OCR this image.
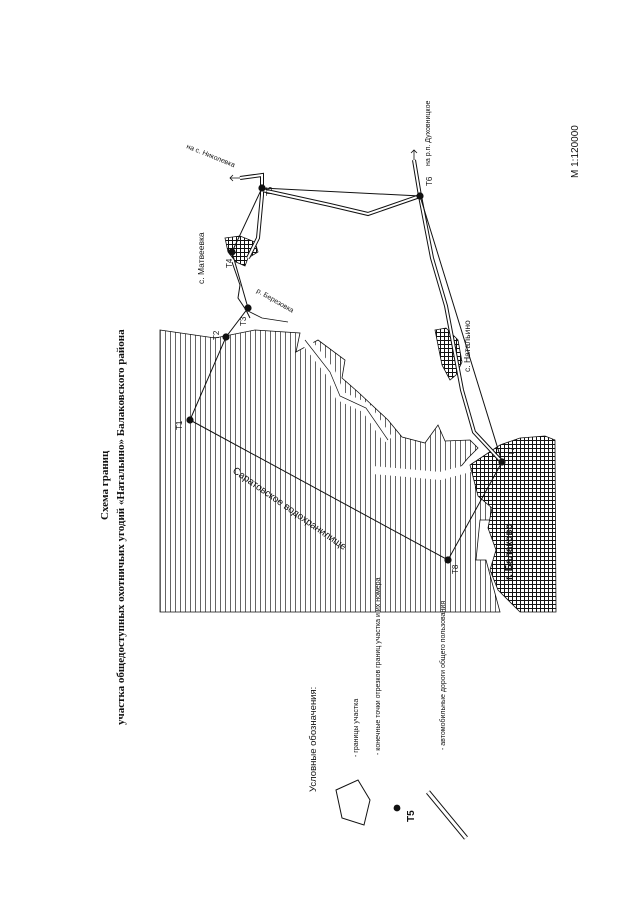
Т1
Т2
Т3
Т4
Т5
Т6
Т7
Т8
с. Матвеевка
с. Натальино
г. Балаково
Саратовское водохранилище
р. Березовка
на с. Николевка	на р.п. Духовницкое
Схема границ участка общедоступных охотничьих угодий «Натальино» Балаковского района
М 1:120000
Условные обозначения:	- границы участка
Т5
- конечные точки отрезков границ участка и их номера	- автомобильные дороги общего пользования
